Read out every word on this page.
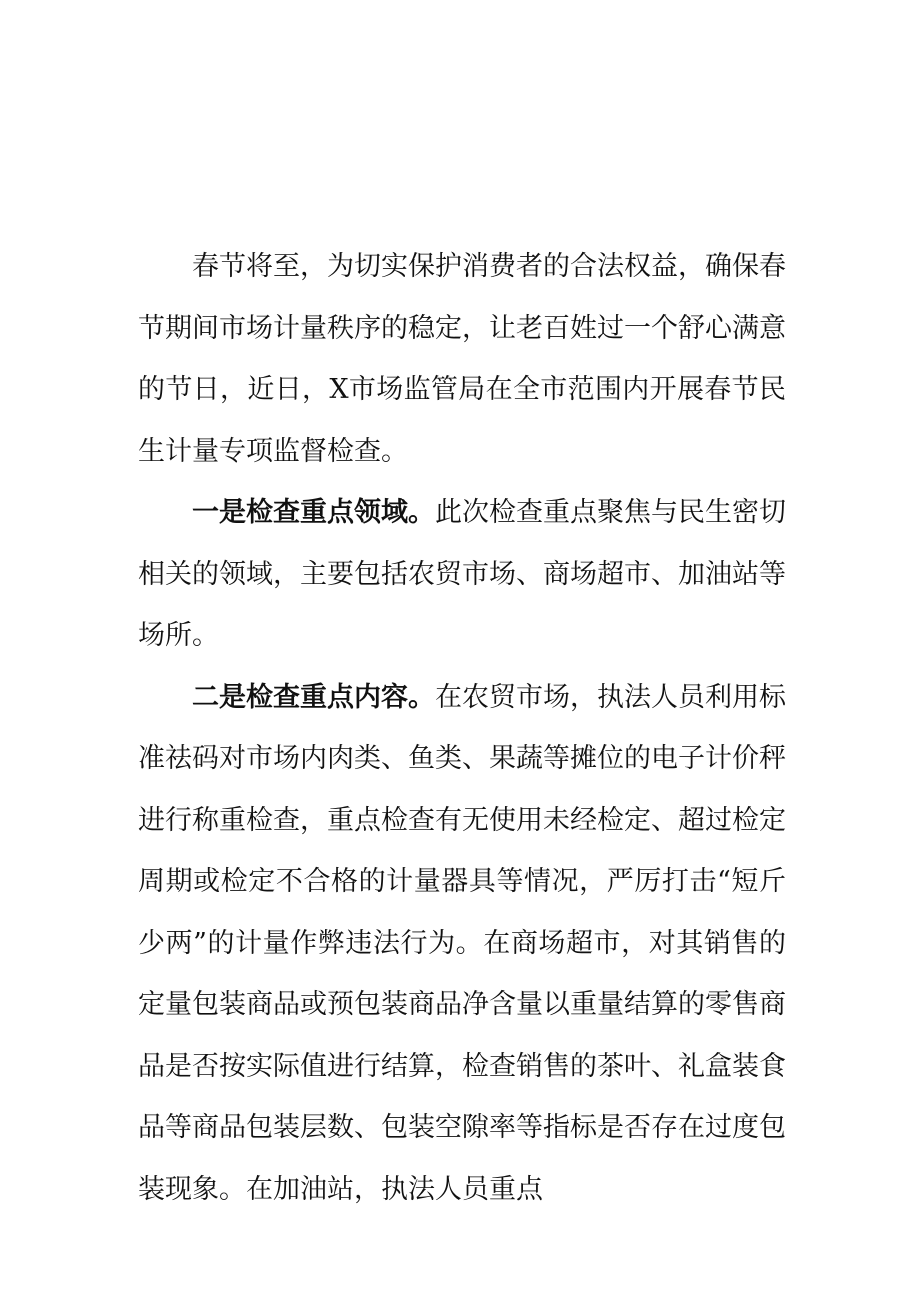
春节将至，为切实保护消费者的合法权益，确保春节期间市场计量秩序的稳定，让老百姓过一个舒心满意的节日，近日，X市场监管局在全市范围内开展春节民生计量专项监督检查。

一是检查重点领域。此次检查重点聚焦与民生密切相关的领域，主要包括农贸市场、商场超市、加油站等场所。

二是检查重点内容。在农贸市场，执法人员利用标准祛码对市场内肉类、鱼类、果蔬等摊位的电子计价秤进行称重检查，重点检查有无使用未经检定、超过检定周期或检定不合格的计量器具等情况，严厉打击“短斤少两”的计量作弊违法行为。在商场超市，对其销售的定量包装商品或预包装商品净含量以重量结算的零售商品是否按实际值进行结算，检查销售的茶叶、礼盒装食品等商品包装层数、包装空隙率等指标是否存在过度包装现象。在加油站，执法人员重点
